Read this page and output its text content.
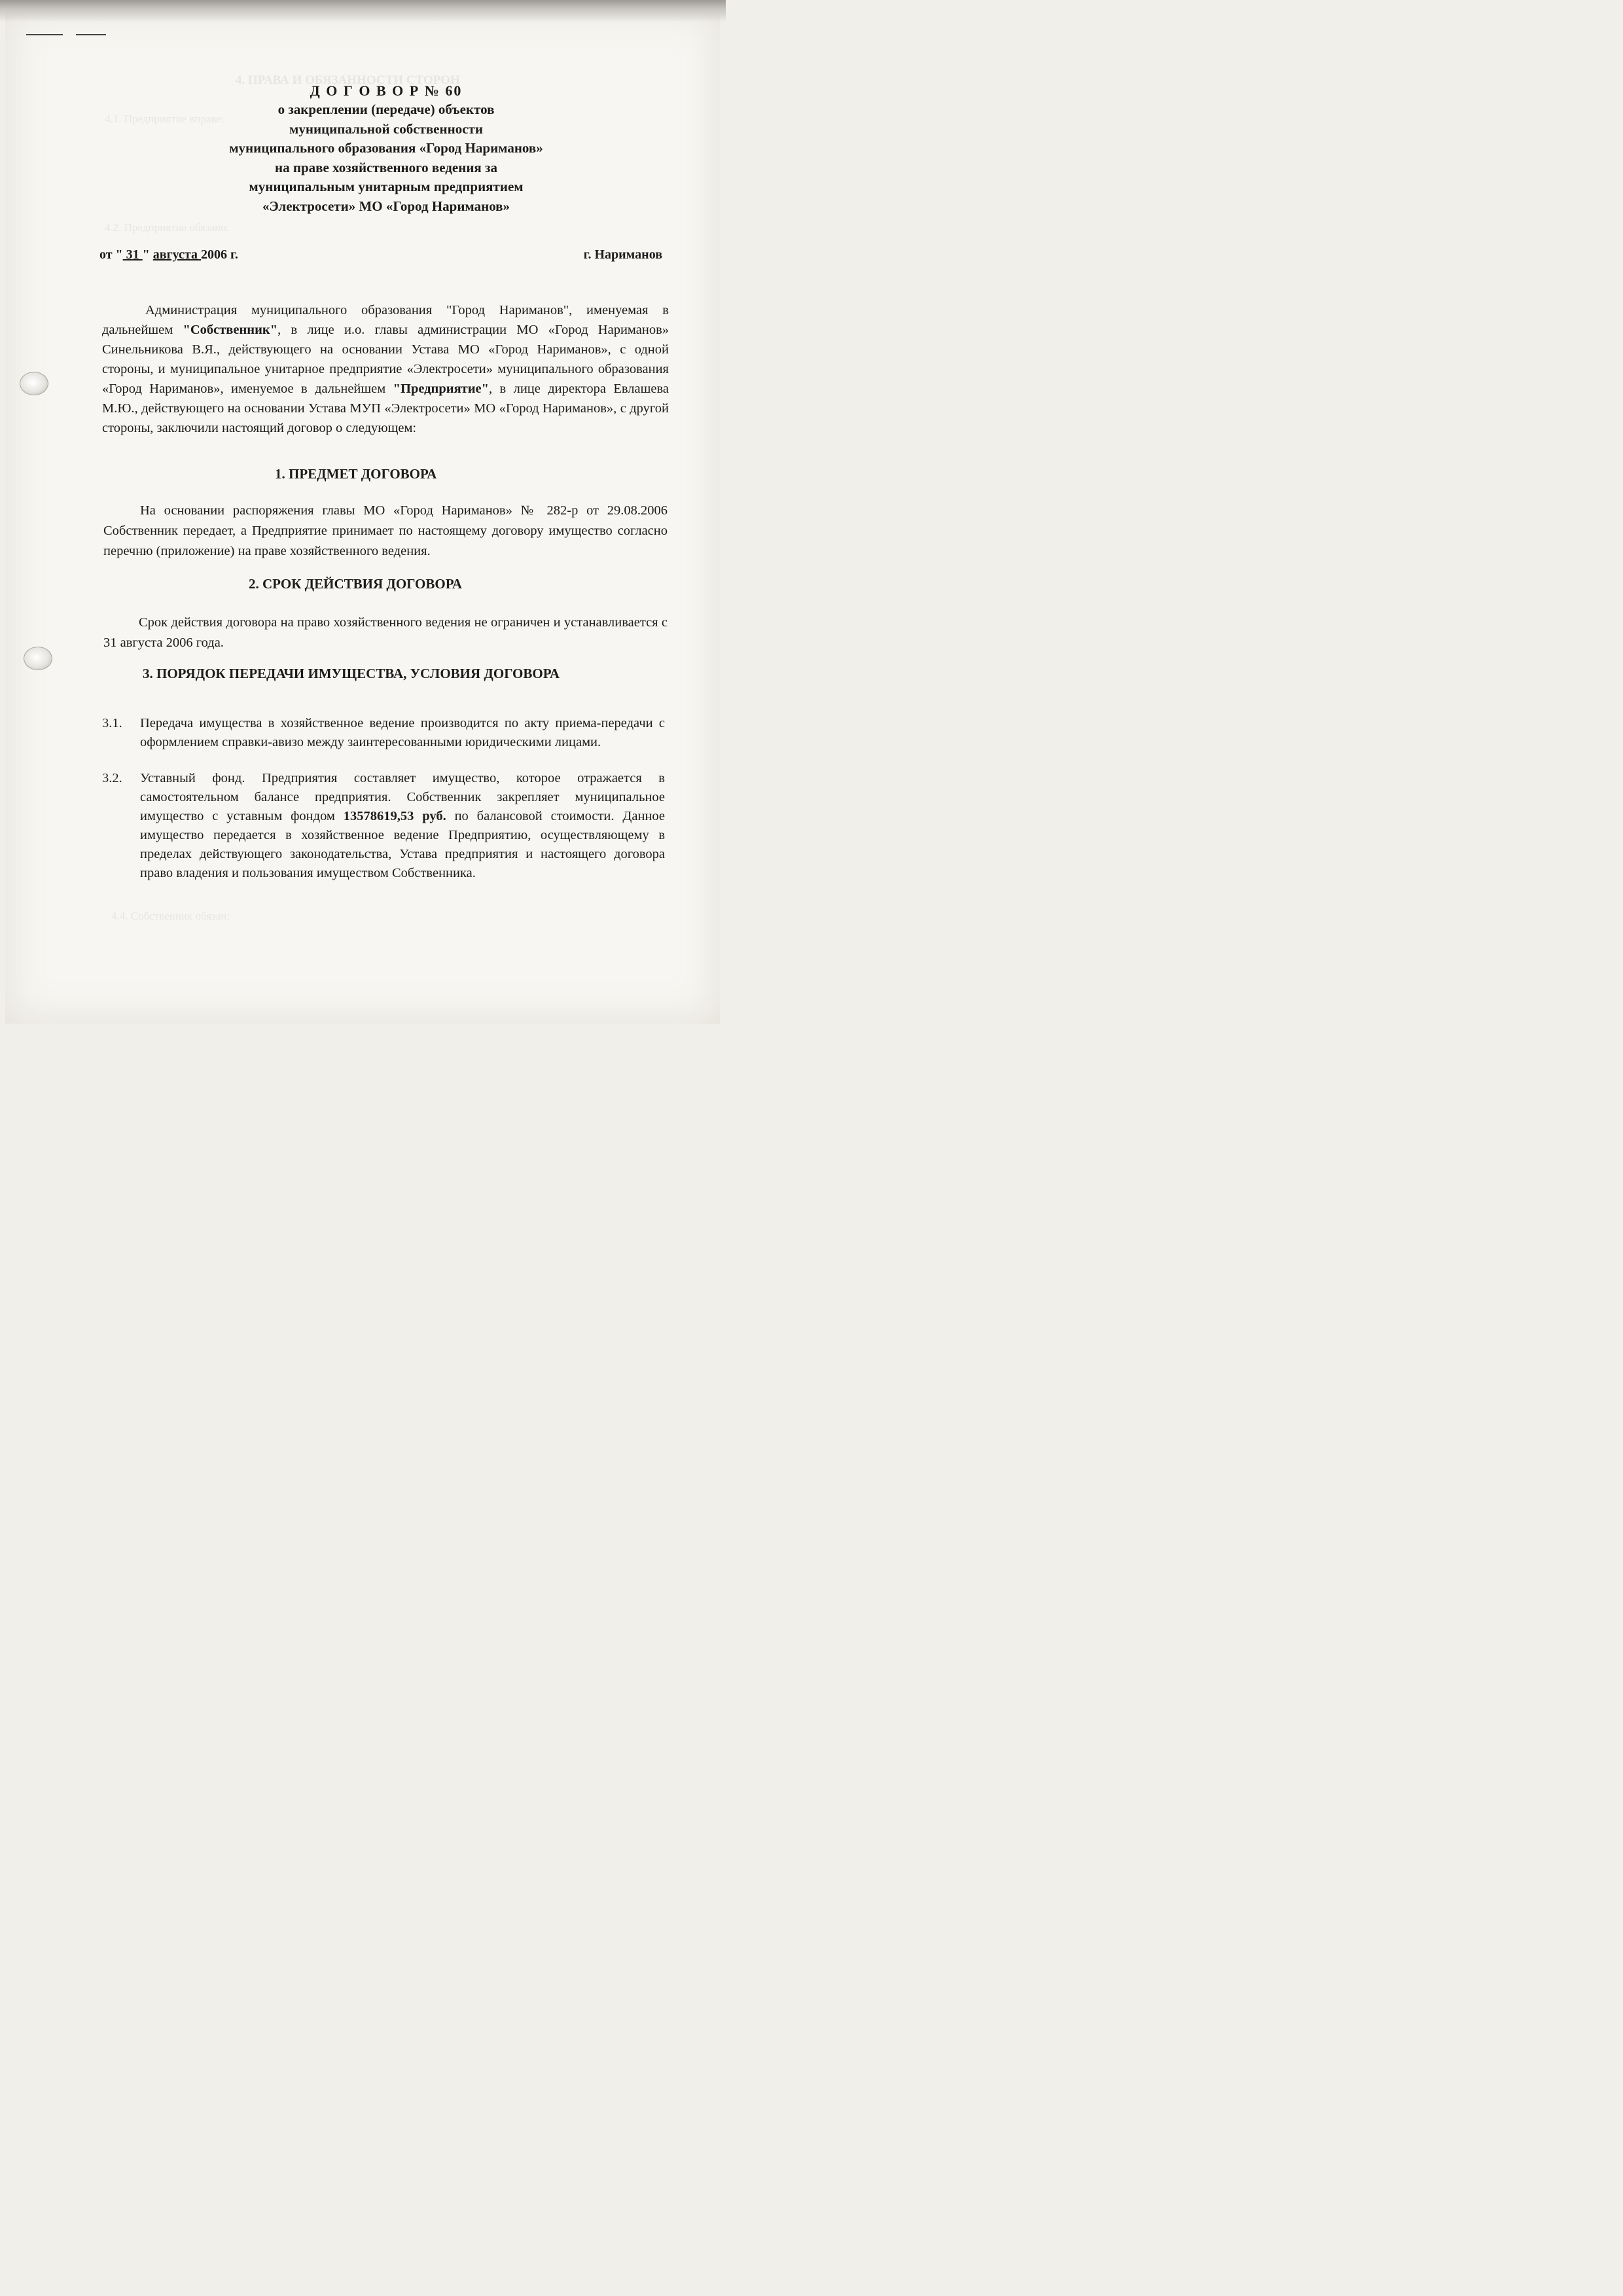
4. ПРАВА И ОБЯЗАННОСТИ СТОРОН
4.1. Предприятие вправе:
4.2. Предприятие обязано:
4.4. Собственник обязан:
Д О Г О В О Р № 60
о закреплении (передаче) объектов
муниципальной собственности
муниципального образования «Город Нариманов»
на праве хозяйственного ведения за
муниципальным унитарным предприятием
«Электросети» МО «Город Нариманов»
от " 31 " августа 2006 г.	г. Нариманов
Администрация муниципального образования "Город Нариманов", именуемая в дальнейшем "Собственник", в лице и.о. главы администрации МО «Город Нариманов» Синельникова В.Я., действующего на основании Устава МО «Город Нариманов», с одной стороны, и муниципальное унитарное предприятие «Электросети» муниципального образования «Город Нариманов», именуемое в дальнейшем "Предприятие", в лице директора Евлашева М.Ю., действующего на основании Устава МУП «Электросети» МО «Город Нариманов», с другой стороны, заключили настоящий договор о следующем:
1. ПРЕДМЕТ ДОГОВОРА
На основании распоряжения главы МО «Город Нариманов» № 282-р от 29.08.2006 Собственник передает, а Предприятие принимает по настоящему договору имущество согласно перечню (приложение) на праве хозяйственного ведения.
2. СРОК ДЕЙСТВИЯ ДОГОВОРА
Срок действия договора на право хозяйственного ведения не ограничен и устанавливается с 31 августа 2006 года.
3. ПОРЯДОК ПЕРЕДАЧИ ИМУЩЕСТВА, УСЛОВИЯ ДОГОВОРА
3.1. Передача имущества в хозяйственное ведение производится по акту приема-передачи с оформлением справки-авизо между заинтересованными юридическими лицами.
3.2. Уставный фонд. Предприятия составляет имущество, которое отражается в самостоятельном балансе предприятия. Собственник закрепляет муниципальное имущество с уставным фондом 13578619,53 руб. по балансовой стоимости. Данное имущество передается в хозяйственное ведение Предприятию, осуществляющему в пределах действующего законодательства, Устава предприятия и настоящего договора право владения и пользования имуществом Собственника.
